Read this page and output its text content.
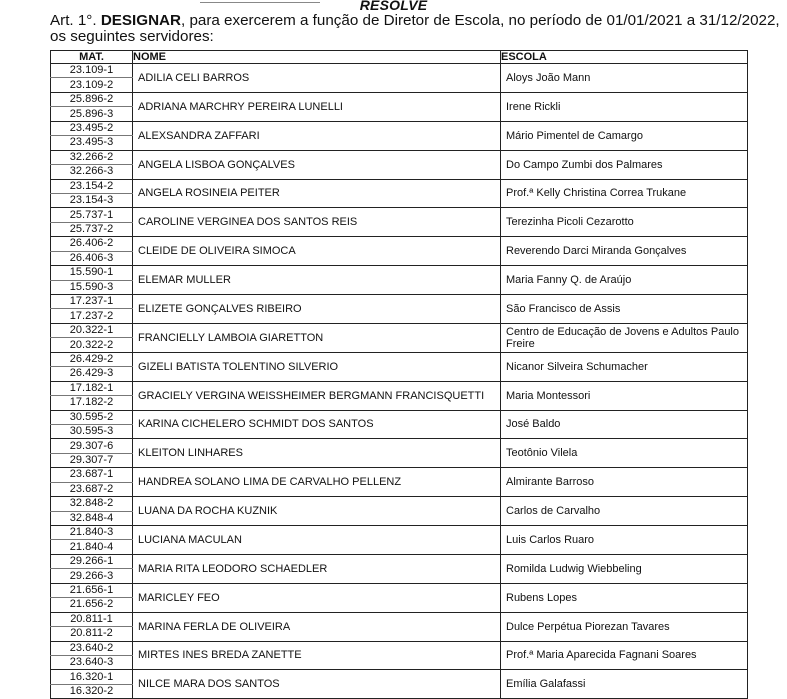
RESOLVE
Art. 1°. DESIGNAR, para exercerem a função de Diretor de Escola, no período de 01/01/2021 a 31/12/2022, os seguintes servidores:
MAT.	NOME	ESCOLA
23.109-1	ADILIA CELI BARROS	Aloys João Mann
23.109-2		
25.896-2	ADRIANA MARCHRY PEREIRA LUNELLI	Irene Rickli
25.896-3		
23.495-2	ALEXSANDRA ZAFFARI	Mário Pimentel de Camargo
23.495-3		
32.266-2	ANGELA LISBOA GONÇALVES	Do Campo Zumbi dos Palmares
32.266-3		
23.154-2	ANGELA ROSINEIA PEITER	Prof.ª Kelly Christina Correa Trukane
23.154-3		
25.737-1	CAROLINE VERGINEA DOS SANTOS REIS	Terezinha Picoli Cezarotto
25.737-2		
26.406-2	CLEIDE DE OLIVEIRA SIMOCA	Reverendo Darci Miranda Gonçalves
26.406-3		
15.590-1	ELEMAR MULLER	Maria Fanny Q. de Araújo
15.590-3		
17.237-1	ELIZETE GONÇALVES RIBEIRO	São Francisco de Assis
17.237-2		
20.322-1	FRANCIELLY LAMBOIA GIARETTON	Centro de Educação de Jovens e Adultos Paulo Freire
20.322-2		
26.429-2	GIZELI BATISTA TOLENTINO SILVERIO	Nicanor Silveira Schumacher
26.429-3		
17.182-1	GRACIELY VERGINA WEISSHEIMER BERGMANN FRANCISQUETTI	Maria Montessori
17.182-2		
30.595-2	KARINA CICHELERO SCHMIDT DOS SANTOS	José Baldo
30.595-3		
29.307-6	KLEITON LINHARES	Teotônio Vilela
29.307-7		
23.687-1	HANDREA SOLANO LIMA DE CARVALHO PELLENZ	Almirante Barroso
23.687-2		
32.848-2	LUANA DA ROCHA KUZNIK	Carlos de Carvalho
32.848-4		
21.840-3	LUCIANA MACULAN	Luis Carlos Ruaro
21.840-4		
29.266-1	MARIA RITA LEODORO SCHAEDLER	Romilda Ludwig Wiebbeling
29.266-3		
21.656-1	MARICLEY FEO	Rubens Lopes
21.656-2		
20.811-1	MARINA FERLA DE OLIVEIRA	Dulce Perpétua Piorezan Tavares
20.811-2		
23.640-2	MIRTES INES BREDA ZANETTE	Prof.ª Maria Aparecida Fagnani Soares
23.640-3		
16.320-1	NILCE MARA DOS SANTOS	Emília Galafassi
16.320-2		
